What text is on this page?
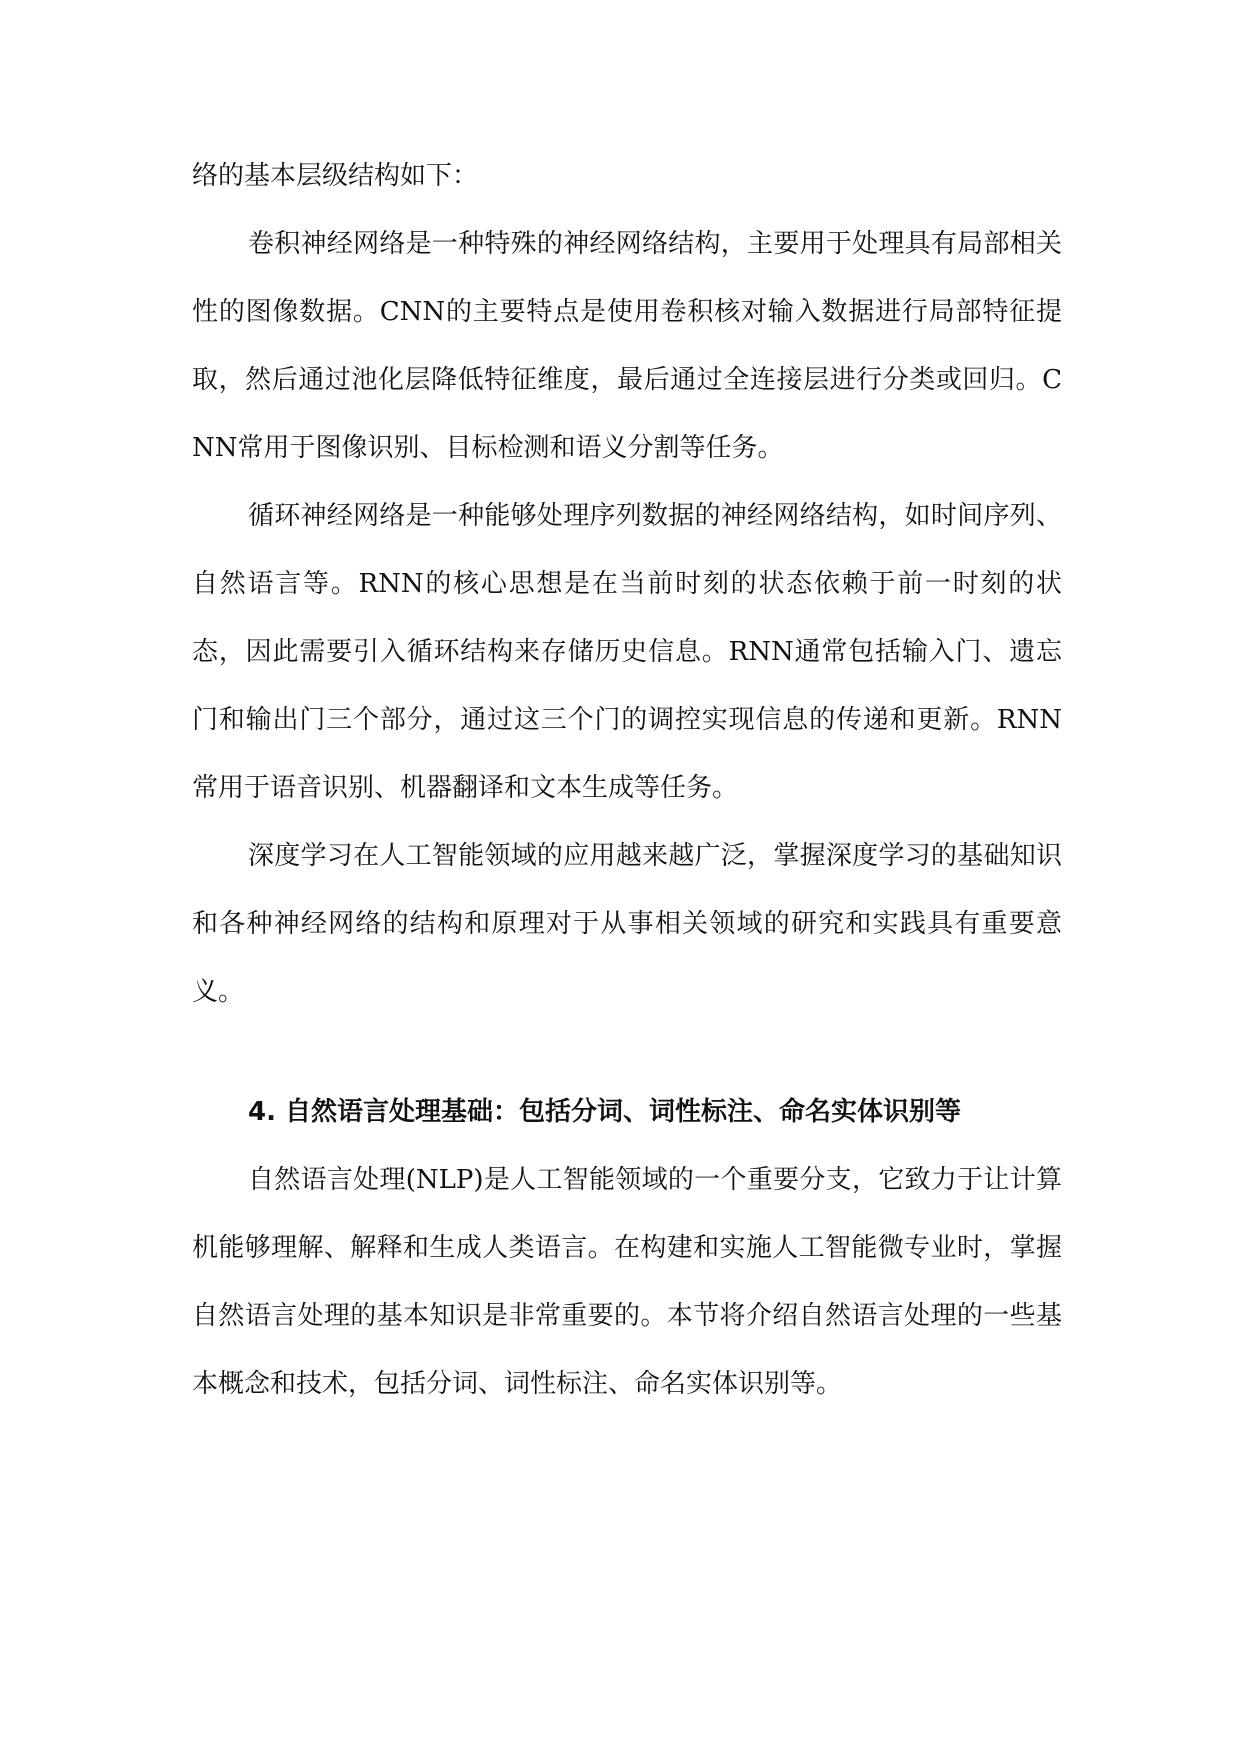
络的基本层级结构如下：

卷积神经网络是一种特殊的神经网络结构，主要用于处理具有局部相关性的图像数据。CNN的主要特点是使用卷积核对输入数据进行局部特征提取，然后通过池化层降低特征维度，最后通过全连接层进行分类或回归。CNN常用于图像识别、目标检测和语义分割等任务。

循环神经网络是一种能够处理序列数据的神经网络结构，如时间序列、自然语言等。RNN的核心思想是在当前时刻的状态依赖于前一时刻的状态，因此需要引入循环结构来存储历史信息。RNN通常包括输入门、遗忘门和输出门三个部分，通过这三个门的调控实现信息的传递和更新。RNN常用于语音识别、机器翻译和文本生成等任务。

深度学习在人工智能领域的应用越来越广泛，掌握深度学习的基础知识和各种神经网络的结构和原理对于从事相关领域的研究和实践具有重要意义。

4. 自然语言处理基础：包括分词、词性标注、命名实体识别等

自然语言处理(NLP)是人工智能领域的一个重要分支，它致力于让计算机能够理解、解释和生成人类语言。在构建和实施人工智能微专业时，掌握自然语言处理的基本知识是非常重要的。本节将介绍自然语言处理的一些基本概念和技术，包括分词、词性标注、命名实体识别等。
